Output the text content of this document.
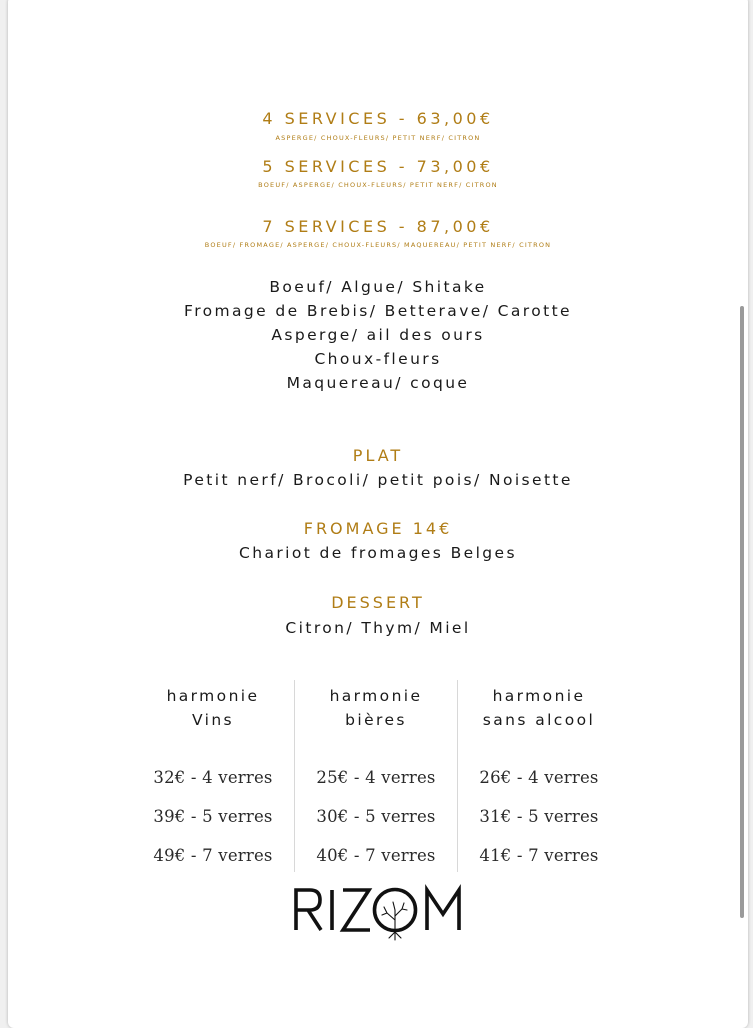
4 SERVICES - 63,00€
ASPERGE/ CHOUX-FLEURS/ PETIT NERF/ CITRON
5 SERVICES - 73,00€
BOEUF/ ASPERGE/ CHOUX-FLEURS/ PETIT NERF/ CITRON
7 SERVICES - 87,00€
BOEUF/ FROMAGE/ ASPERGE/ CHOUX-FLEURS/ MAQUEREAU/ PETIT NERF/ CITRON
Boeuf/ Algue/ Shitake
Fromage de Brebis/ Betterave/ Carotte
Asperge/ ail des ours
Choux-fleurs
Maquereau/ coque
PLAT
Petit nerf/ Brocoli/ petit pois/ Noisette
FROMAGE 14€
Chariot de fromages Belges
DESSERT
Citron/ Thym/ Miel
harmonie
Vins
harmonie
bières
harmonie
sans alcool
32€ - 4 verres
39€ - 5 verres
49€ - 7 verres
25€ - 4 verres
30€ - 5 verres
40€ - 7 verres
26€ - 4 verres
31€ - 5 verres
41€ - 7 verres
